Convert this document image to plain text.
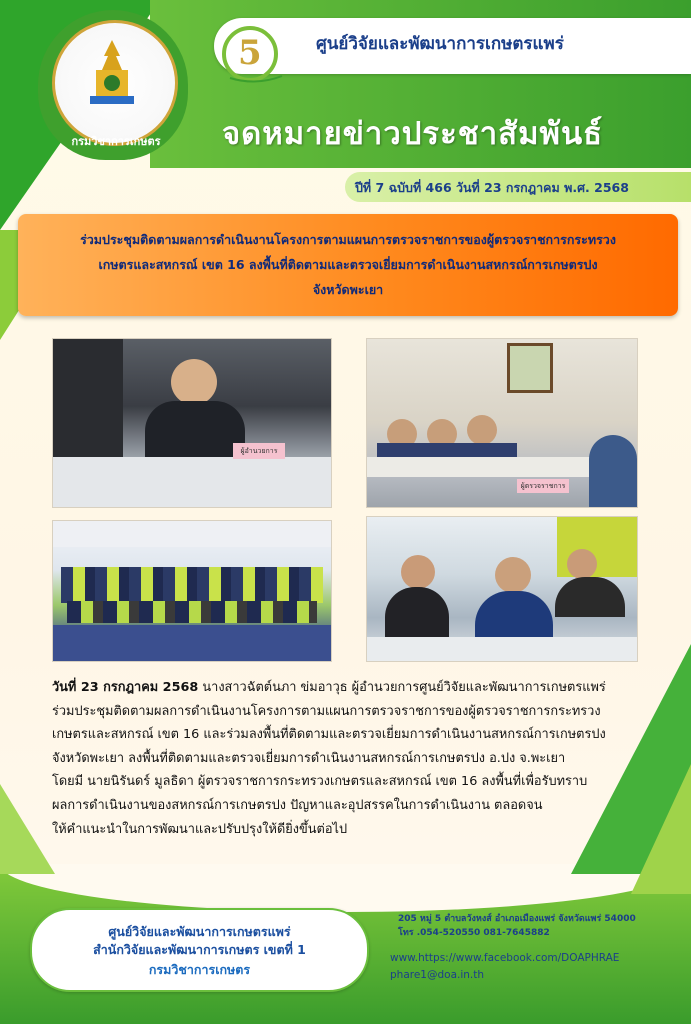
5	ศูนย์วิจัยและพัฒนาการเกษตรแพร่
จดหมายข่าวประชาสัมพันธ์
ปีที่ 7 ฉบับที่ 466 วันที่ 23 กรกฎาคม พ.ศ. 2568
กรมวิชาการเกษตร

ร่วมประชุมติดตามผลการดำเนินงานโครงการตามแผนการตรวจราชการของผู้ตรวจราชการกระทรวง

เกษตรและสหกรณ์ เขต 16 ลงพื้นที่ติดตามและตรวจเยี่ยมการดำเนินงานสหกรณ์การเกษตรปง

จังหวัดพะเยา

ผู้อำนวยการ
ผู้ตรวจราชการ

วันที่ 23 กรกฎาคม 2568 นางสาวฉัตต์นภา ข่มอาวุธ ผู้อำนวยการศูนย์วิจัยและพัฒนาการเกษตรแพร่

ร่วมประชุมติดตามผลการดำเนินงานโครงการตามแผนการตรวจราชการของผู้ตรวจราชการกระทรวง

เกษตรและสหกรณ์ เขต 16 และร่วมลงพื้นที่ติดตามและตรวจเยี่ยมการดำเนินงานสหกรณ์การเกษตรปง

จังหวัดพะเยา ลงพื้นที่ติดตามและตรวจเยี่ยมการดำเนินงานสหกรณ์การเกษตรปง อ.ปง จ.พะเยา

โดยมี นายนิรันดร์ มูลธิดา ผู้ตรวจราชการกระทรวงเกษตรและสหกรณ์ เขต 16 ลงพื้นที่เพื่อรับทราบ

ผลการดำเนินงานของสหกรณ์การเกษตรปง ปัญหาและอุปสรรคในการดำเนินงาน ตลอดจน

ให้คำแนะนำในการพัฒนาและปรับปรุงให้ดียิ่งขึ้นต่อไป

ศูนย์วิจัยและพัฒนาการเกษตรแพร่

สำนักวิจัยและพัฒนาการเกษตร เขตที่ 1

กรมวิชาการเกษตร

205 หมู่ 5 ตำบลวังหงส์ อำเภอเมืองแพร่ จังหวัดแพร่ 54000
โทร .054-520550 081-7645882
www.https://www.facebook.com/DOAPHRAE
phare1@doa.in.th
